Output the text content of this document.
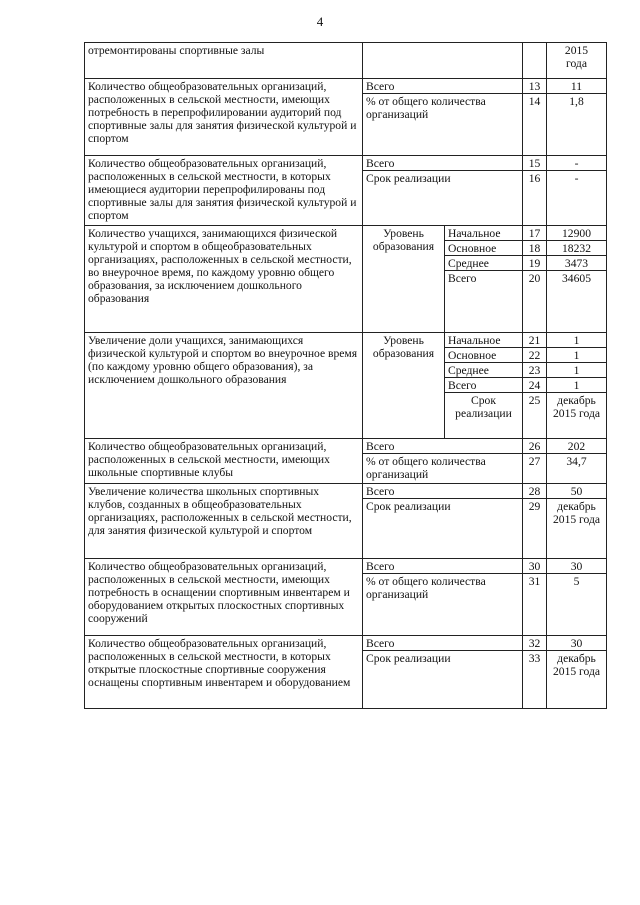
4
отремонтированы спортивные залы				2015
года

Количество общеобразовательных организаций, расположенных в сельской местности, имеющих потребность в перепрофилировании аудиторий под спортивные залы для занятия физической культурой и спортом	Всего		13	11
	% от общего количества организаций		14	1,8
Количество общеобразовательных организаций, расположенных в сельской местности, в которых имеющиеся аудитории перепрофилированы под спортивные залы для занятия физической культурой и спортом	Всего		15	-
	Срок реализации		16	-
Количество учащихся, занимающихся физической культурой и спортом в общеобразовательных организациях, расположенных в сельской местности, во внеурочное время, по каждому уровню общего образования, за исключением дошкольного образования	Уровень образования	Начальное	17	12900
		Основное	18	18232
		Среднее	19	3473
		Всего	20	34605
Увеличение доли учащихся, занимающихся физической культурой и спортом во внеурочное время (по каждому уровню общего образования), за исключением дошкольного образования	Уровень образования	Начальное	21	1
		Основное	22	1
		Среднее	23	1
		Всего	24	1
		Срок реализации	25	декабрь 2015 года
Количество общеобразовательных организаций, расположенных в сельской местности, имеющих школьные спортивные клубы	Всего		26	202
	% от общего количества организаций		27	34,7
Увеличение количества школьных спортивных клубов, созданных в общеобразовательных организациях, расположенных в сельской местности, для занятия физической культурой и спортом	Всего		28	50
	Срок реализации		29	декабрь 2015 года
Количество общеобразовательных организаций, расположенных в сельской местности, имеющих потребность в оснащении спортивным инвентарем и оборудованием открытых плоскостных спортивных сооружений	Всего		30	30
	% от общего количества организаций		31	5
Количество общеобразовательных организаций, расположенных в сельской местности, в которых открытые плоскостные спортивные сооружения оснащены спортивным инвентарем и оборудованием	Всего		32	30
	Срок реализации		33	декабрь 2015 года
